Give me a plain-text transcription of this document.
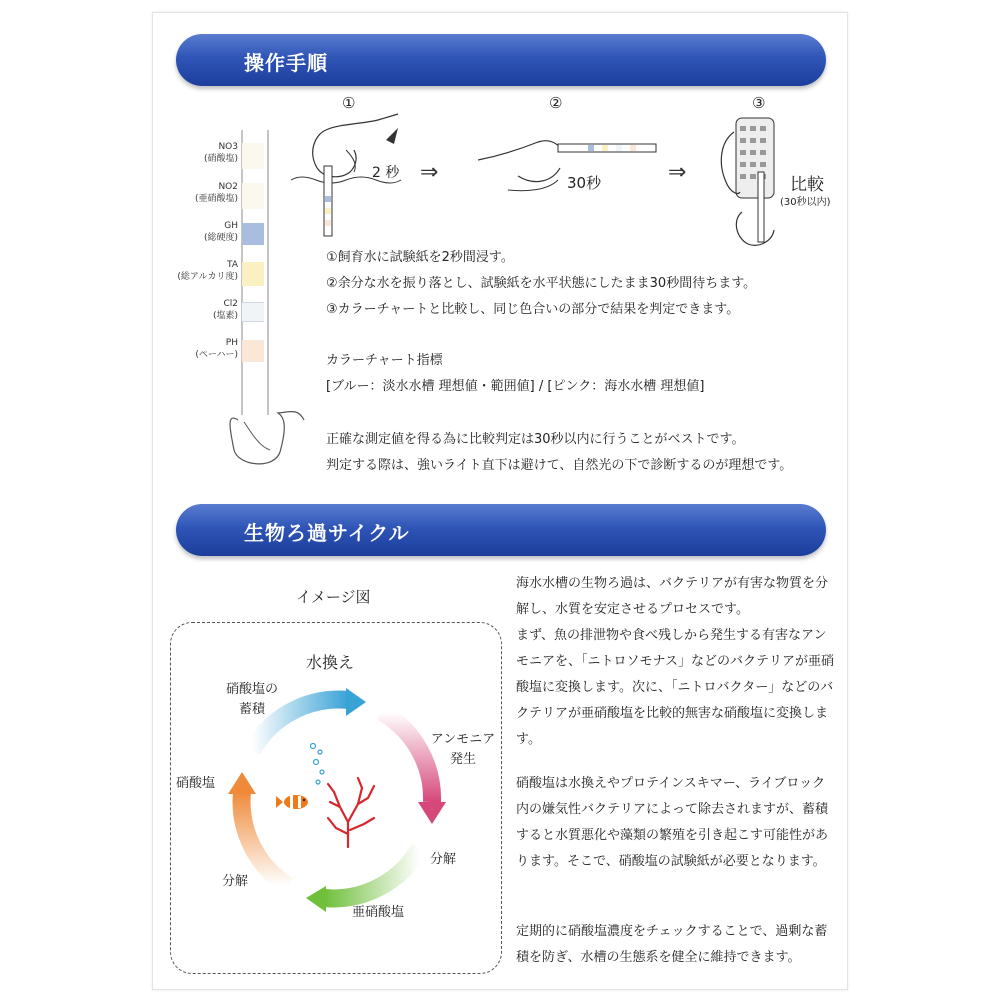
操作手順
NO3
(硝酸塩)
NO2
(亜硝酸塩)
GH
(総硬度)
TA
(総アルカリ度)
Cl2
(塩素)
PH
(ペーハー)
①
2 秒 ⇒
②
30秒	⇒
③
比較
(30秒以内)
①飼育水に試験紙を2秒間浸す。
②余分な水を振り落とし、試験紙を水平状態にしたまま30秒間待ちます。
③カラーチャートと比較し、同じ色合いの部分で結果を判定できます。
カラーチャート指標
[ブルー：淡水水槽 理想値・範囲値] / [ピンク：海水水槽 理想値]
正確な測定値を得る為に比較判定は30秒以内に行うことがベストです。
判定する際は、強いライト直下は避けて、自然光の下で診断するのが理想です。
生物ろ過サイクル
イメージ図
水換え
硝酸塩の
蓄積
アンモニア
発生
分解
亜硝酸塩
分解
硝酸塩
海水水槽の生物ろ過は、バクテリアが有害な物質を分解し、水質を安定させるプロセスです。
まず、魚の排泄物や食べ残しから発生する有害なアンモニアを、「ニトロソモナス」などのバクテリアが亜硝酸塩に変換します。次に、「ニトロバクター」などのバクテリアが亜硝酸塩を比較的無害な硝酸塩に変換します。
硝酸塩は水換えやプロテインスキマー、ライブロック内の嫌気性バクテリアによって除去されますが、蓄積すると水質悪化や藻類の繁殖を引き起こす可能性があります。そこで、硝酸塩の試験紙が必要となります。
定期的に硝酸塩濃度をチェックすることで、過剰な蓄積を防ぎ、水槽の生態系を健全に維持できます。
